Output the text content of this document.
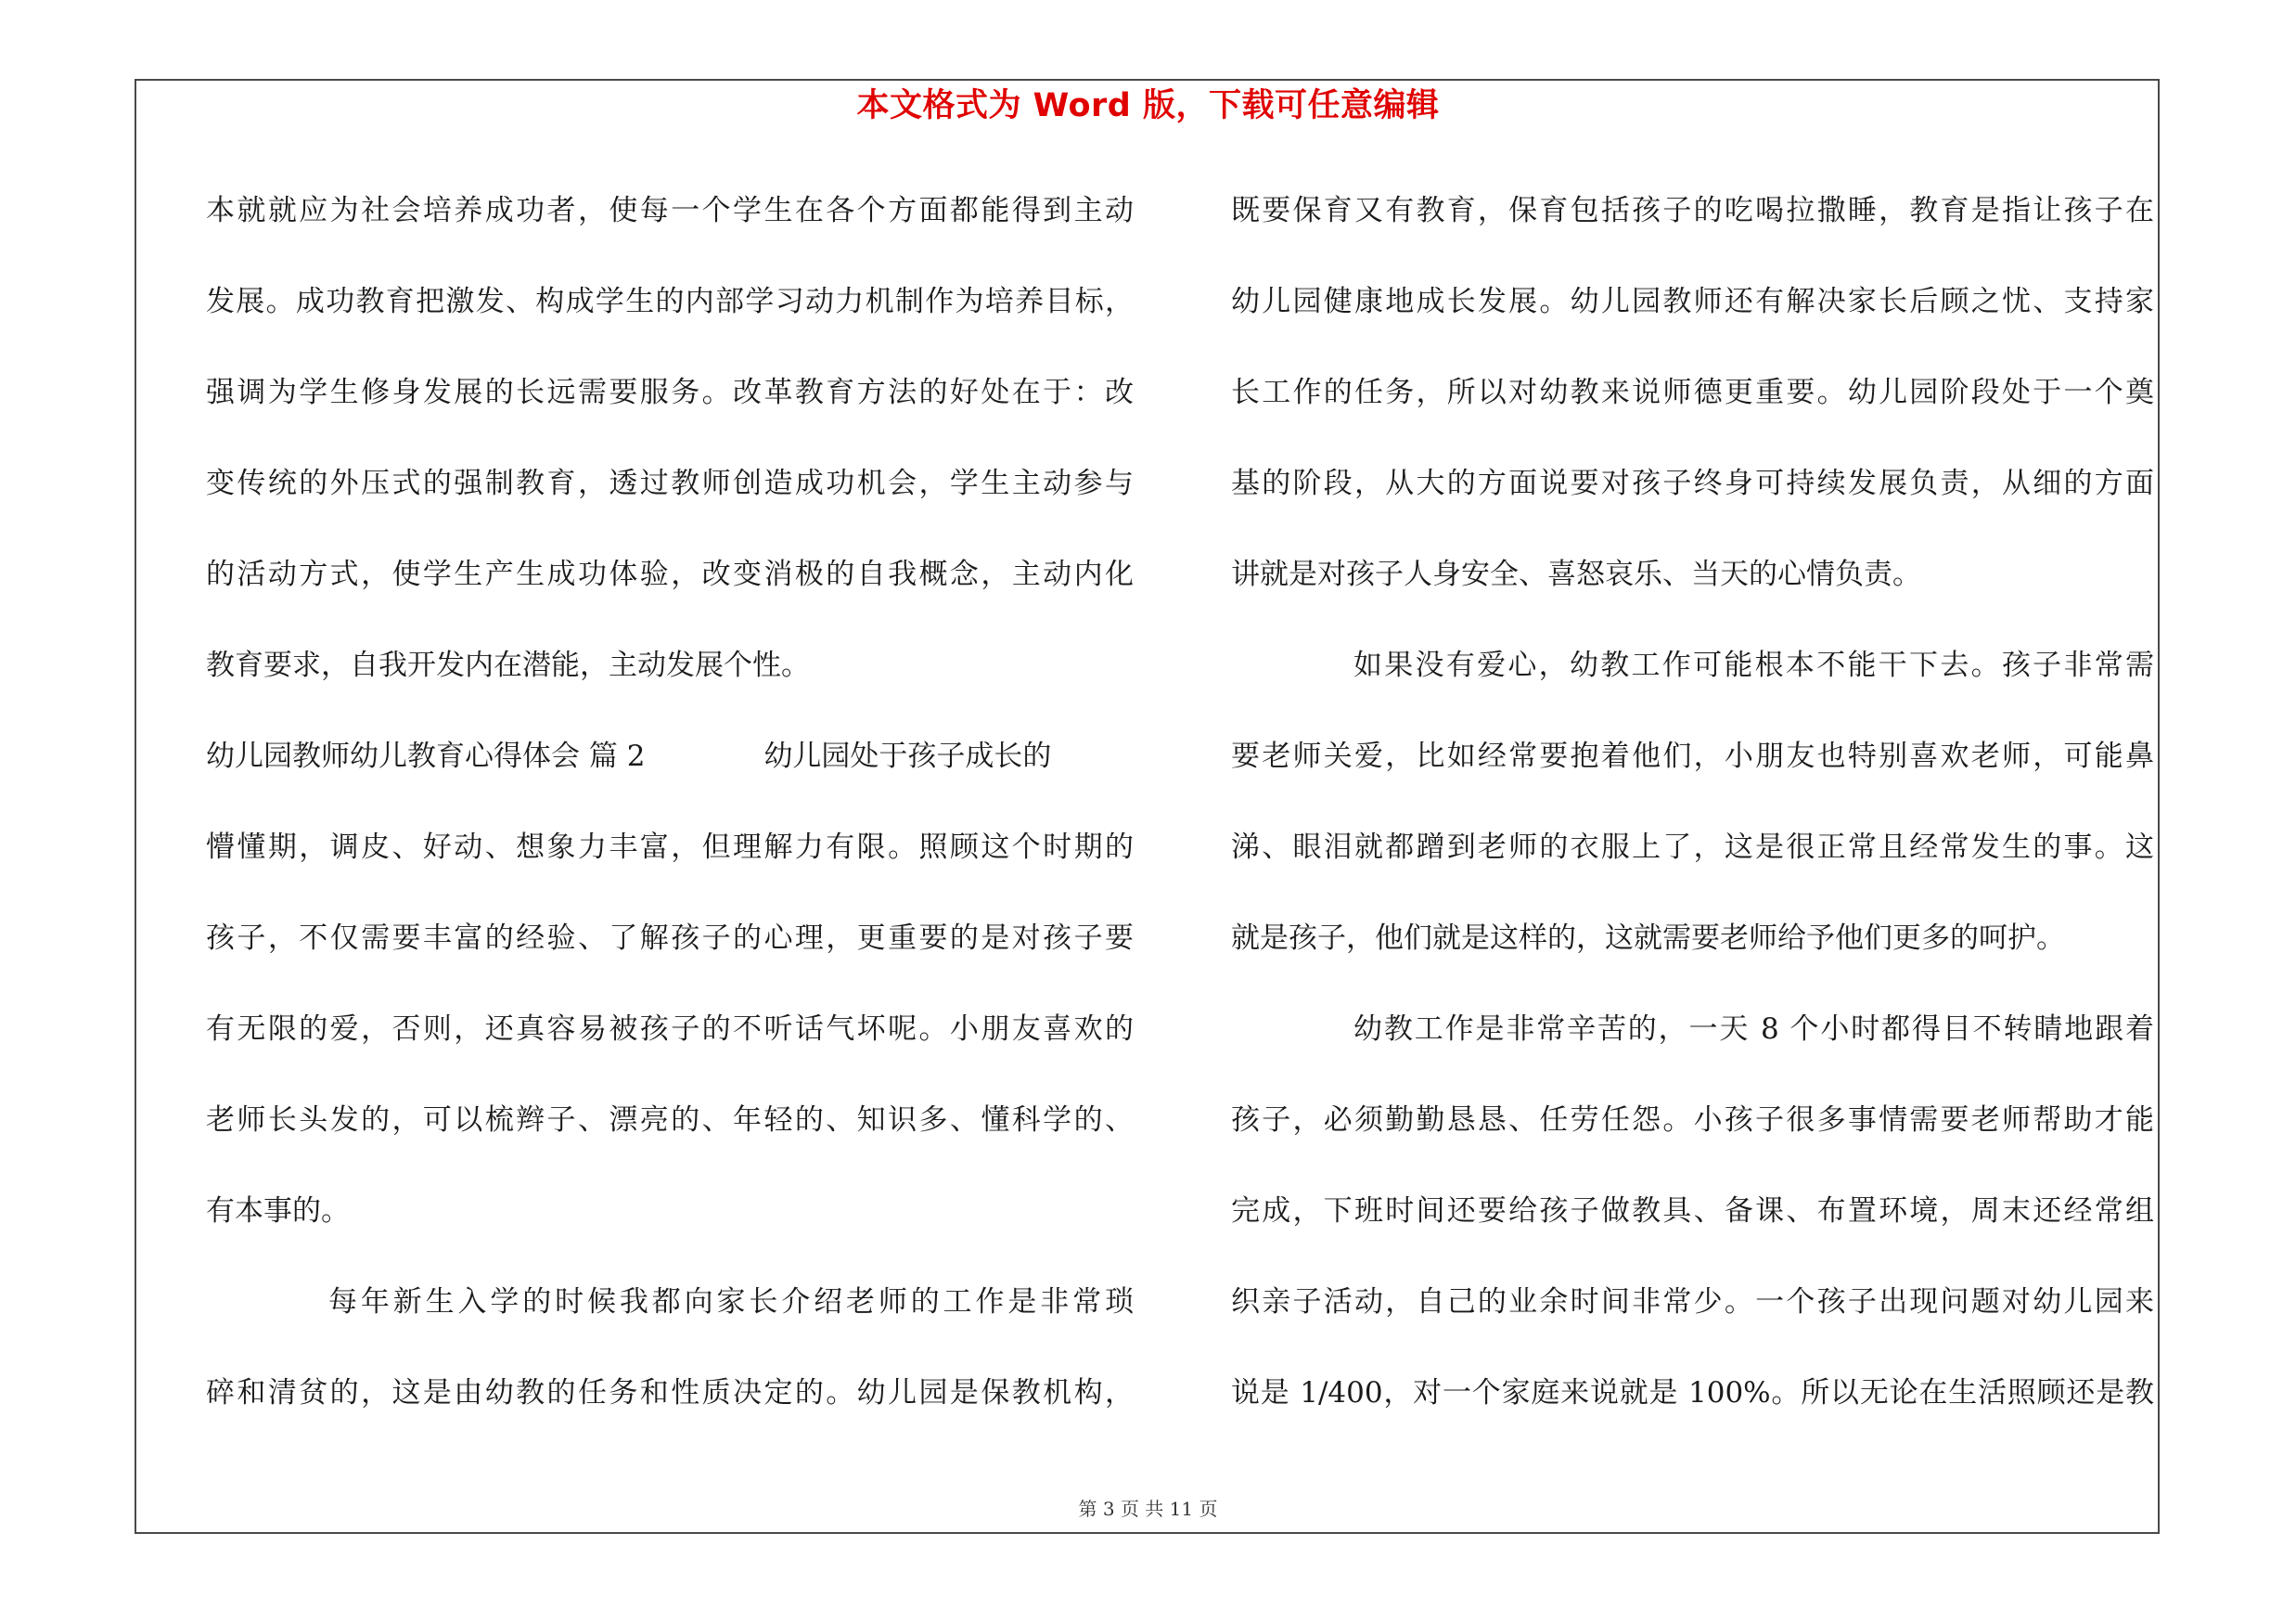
本文格式为 Word 版，下载可任意编辑
本就就应为社会培养成功者，使每一个学生在各个方面都能得到主动
发展。成功教育把激发、构成学生的内部学习动力机制作为培养目标，
强调为学生修身发展的长远需要服务。改革教育方法的好处在于：改
变传统的外压式的强制教育，透过教师创造成功机会，学生主动参与
的活动方式，使学生产生成功体验，改变消极的自我概念，主动内化
教育要求，自我开发内在潜能，主动发展个性。
幼儿园教师幼儿教育心得体会 篇 2	幼儿园处于孩子成长的
懵懂期，调皮、好动、想象力丰富，但理解力有限。照顾这个时期的
孩子，不仅需要丰富的经验、了解孩子的心理，更重要的是对孩子要
有无限的爱，否则，还真容易被孩子的不听话气坏呢。小朋友喜欢的
老师长头发的，可以梳辫子、漂亮的、年轻的、知识多、懂科学的、
有本事的。
每年新生入学的时候我都向家长介绍老师的工作是非常琐
碎和清贫的，这是由幼教的任务和性质决定的。幼儿园是保教机构，
既要保育又有教育，保育包括孩子的吃喝拉撒睡，教育是指让孩子在
幼儿园健康地成长发展。幼儿园教师还有解决家长后顾之忧、支持家
长工作的任务，所以对幼教来说师德更重要。幼儿园阶段处于一个奠
基的阶段，从大的方面说要对孩子终身可持续发展负责，从细的方面
讲就是对孩子人身安全、喜怒哀乐、当天的心情负责。
如果没有爱心，幼教工作可能根本不能干下去。孩子非常需
要老师关爱，比如经常要抱着他们，小朋友也特别喜欢老师，可能鼻
涕、眼泪就都蹭到老师的衣服上了，这是很正常且经常发生的事。这
就是孩子，他们就是这样的，这就需要老师给予他们更多的呵护。
幼教工作是非常辛苦的，一天 8 个小时都得目不转睛地跟着
孩子，必须勤勤恳恳、任劳任怨。小孩子很多事情需要老师帮助才能
完成，下班时间还要给孩子做教具、备课、布置环境，周末还经常组
织亲子活动，自己的业余时间非常少。一个孩子出现问题对幼儿园来
说是 1/400，对一个家庭来说就是 100%。所以无论在生活照顾还是教
第 3 页 共 11 页
